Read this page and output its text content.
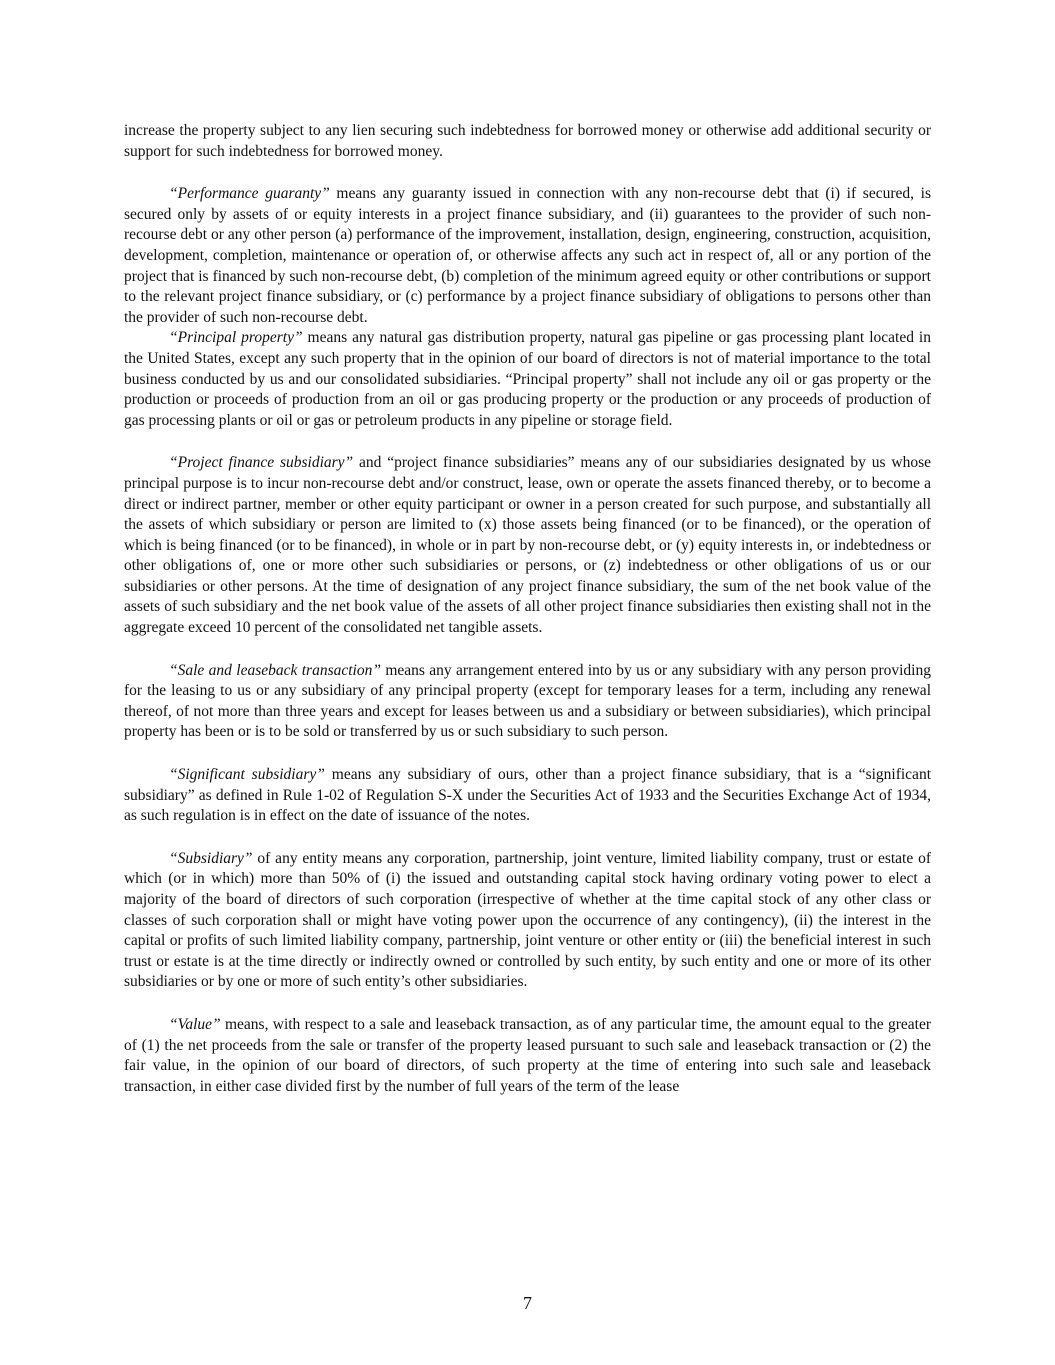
increase the property subject to any lien securing such indebtedness for borrowed money or otherwise add additional security or support for such indebtedness for borrowed money.

“Performance guaranty” means any guaranty issued in connection with any non-recourse debt that (i) if secured, is secured only by assets of or equity interests in a project finance subsidiary, and (ii) guarantees to the provider of such non-recourse debt or any other person (a) performance of the improvement, installation, design, engineering, construction, acquisition, development, completion, maintenance or operation of, or otherwise affects any such act in respect of, all or any portion of the project that is financed by such non-recourse debt, (b) completion of the minimum agreed equity or other contributions or support to the relevant project finance subsidiary, or (c) performance by a project finance subsidiary of obligations to persons other than the provider of such non-recourse debt.

“Principal property” means any natural gas distribution property, natural gas pipeline or gas processing plant located in the United States, except any such property that in the opinion of our board of directors is not of material importance to the total business conducted by us and our consolidated subsidiaries. “Principal property” shall not include any oil or gas property or the production or proceeds of production from an oil or gas producing property or the production or any proceeds of production of gas processing plants or oil or gas or petroleum products in any pipeline or storage field.

“Project finance subsidiary” and “project finance subsidiaries” means any of our subsidiaries designated by us whose principal purpose is to incur non-recourse debt and/or construct, lease, own or operate the assets financed thereby, or to become a direct or indirect partner, member or other equity participant or owner in a person created for such purpose, and substantially all the assets of which subsidiary or person are limited to (x) those assets being financed (or to be financed), or the operation of which is being financed (or to be financed), in whole or in part by non-recourse debt, or (y) equity interests in, or indebtedness or other obligations of, one or more other such subsidiaries or persons, or (z) indebtedness or other obligations of us or our subsidiaries or other persons. At the time of designation of any project finance subsidiary, the sum of the net book value of the assets of such subsidiary and the net book value of the assets of all other project finance subsidiaries then existing shall not in the aggregate exceed 10 percent of the consolidated net tangible assets.

“Sale and leaseback transaction” means any arrangement entered into by us or any subsidiary with any person providing for the leasing to us or any subsidiary of any principal property (except for temporary leases for a term, including any renewal thereof, of not more than three years and except for leases between us and a subsidiary or between subsidiaries), which principal property has been or is to be sold or transferred by us or such subsidiary to such person.

“Significant subsidiary” means any subsidiary of ours, other than a project finance subsidiary, that is a “significant subsidiary” as defined in Rule 1-02 of Regulation S-X under the Securities Act of 1933 and the Securities Exchange Act of 1934, as such regulation is in effect on the date of issuance of the notes.

“Subsidiary” of any entity means any corporation, partnership, joint venture, limited liability company, trust or estate of which (or in which) more than 50% of (i) the issued and outstanding capital stock having ordinary voting power to elect a majority of the board of directors of such corporation (irrespective of whether at the time capital stock of any other class or classes of such corporation shall or might have voting power upon the occurrence of any contingency), (ii) the interest in the capital or profits of such limited liability company, partnership, joint venture or other entity or (iii) the beneficial interest in such trust or estate is at the time directly or indirectly owned or controlled by such entity, by such entity and one or more of its other subsidiaries or by one or more of such entity’s other subsidiaries.

“Value” means, with respect to a sale and leaseback transaction, as of any particular time, the amount equal to the greater of (1) the net proceeds from the sale or transfer of the property leased pursuant to such sale and leaseback transaction or (2) the fair value, in the opinion of our board of directors, of such property at the time of entering into such sale and leaseback transaction, in either case divided first by the number of full years of the term of the lease

7
